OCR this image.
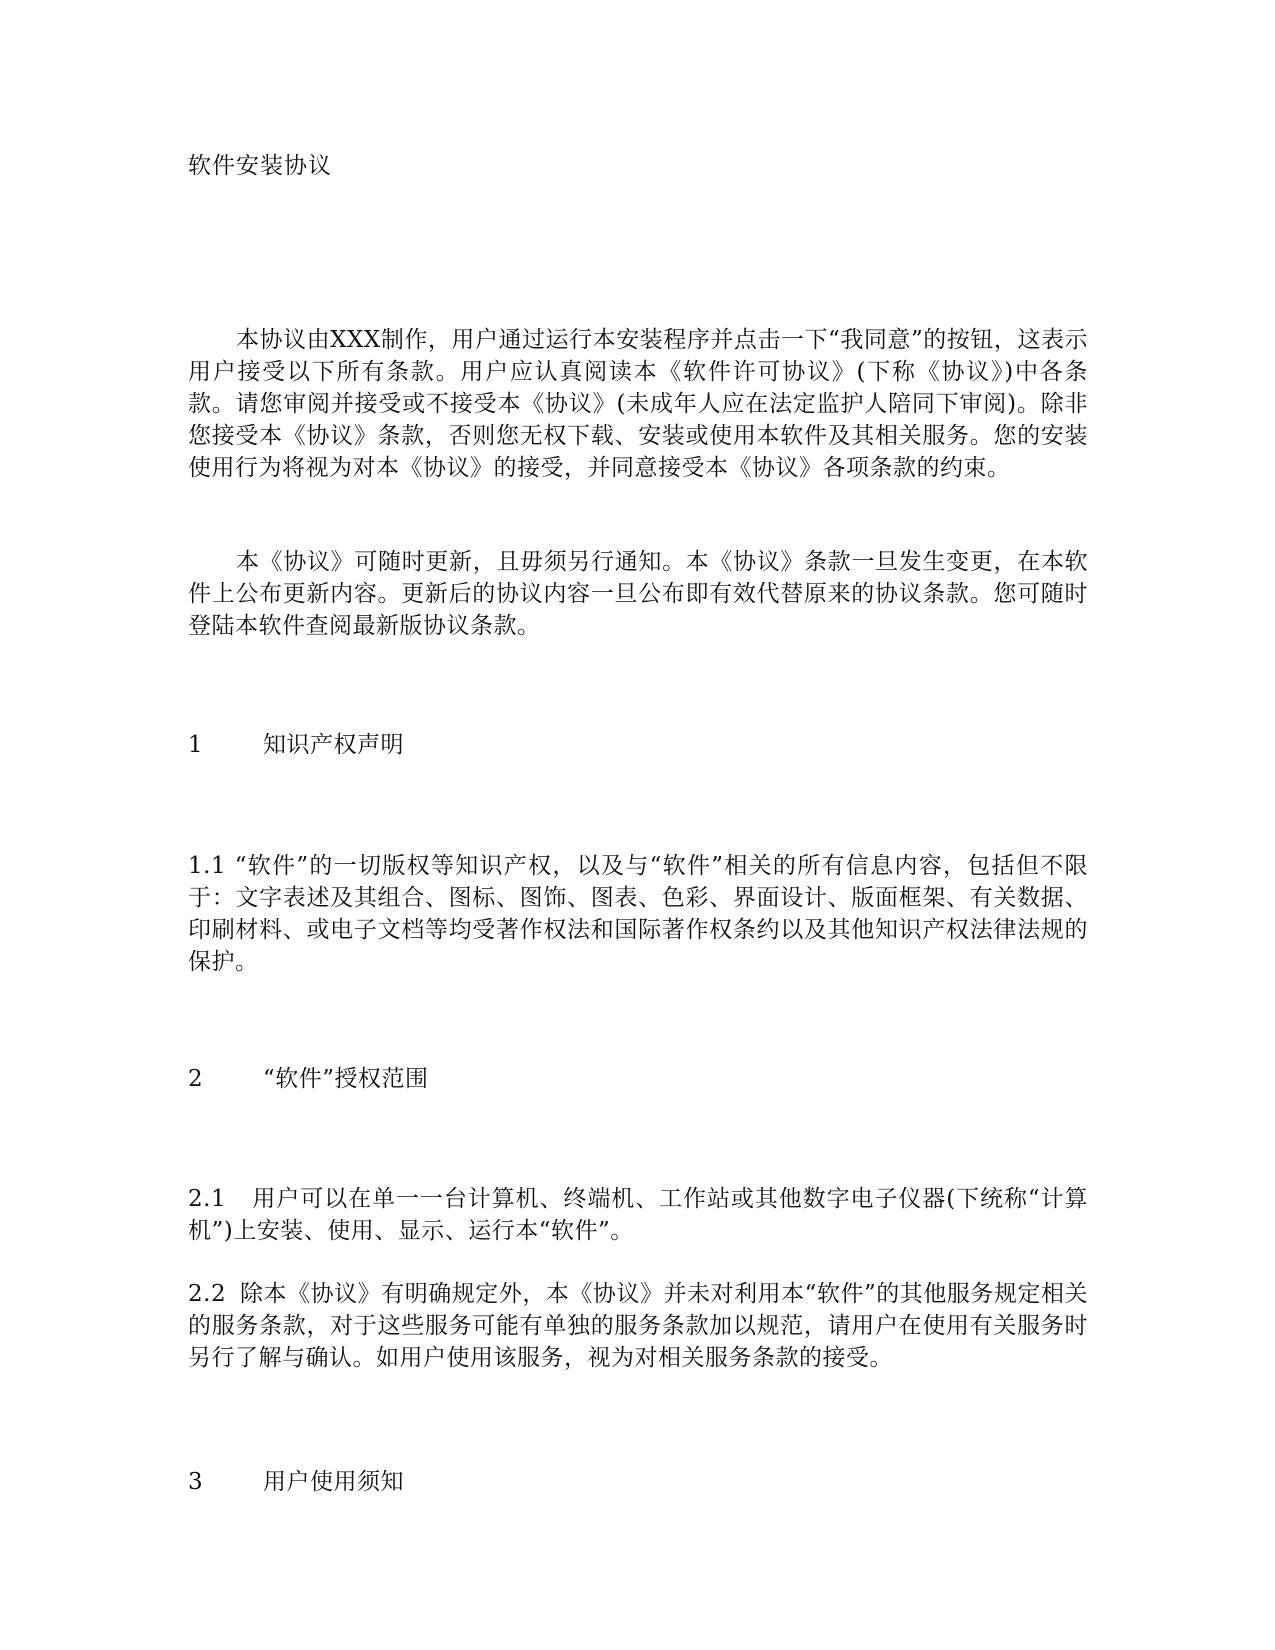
软件安装协议

本协议由XXX制作，用户通过运行本安装程序并点击一下“我同意”的按钮，这表示用户接受以下所有条款。用户应认真阅读本《软件许可协议》(下称《协议》)中各条款。请您审阅并接受或不接受本《协议》(未成年人应在法定监护人陪同下审阅)。除非您接受本《协议》条款，否则您无权下载、安装或使用本软件及其相关服务。您的安装使用行为将视为对本《协议》的接受，并同意接受本《协议》各项条款的约束。

本《协议》可随时更新，且毋须另行通知。本《协议》条款一旦发生变更，在本软件上公布更新内容。更新后的协议内容一旦公布即有效代替原来的协议条款。您可随时登陆本软件查阅最新版协议条款。

1	知识产权声明

1.1 “软件”的一切版权等知识产权，以及与“软件”相关的所有信息内容，包括但不限于：文字表述及其组合、图标、图饰、图表、色彩、界面设计、版面框架、有关数据、印刷材料、或电子文档等均受著作权法和国际著作权条约以及其他知识产权法律法规的保护。

2	“软件”授权范围

2.1 用户可以在单一一台计算机、终端机、工作站或其他数字电子仪器(下统称“计算机”)上安装、使用、显示、运行本“软件”。

2.2 除本《协议》有明确规定外，本《协议》并未对利用本“软件”的其他服务规定相关的服务条款，对于这些服务可能有单独的服务条款加以规范，请用户在使用有关服务时另行了解与确认。如用户使用该服务，视为对相关服务条款的接受。

3	用户使用须知
